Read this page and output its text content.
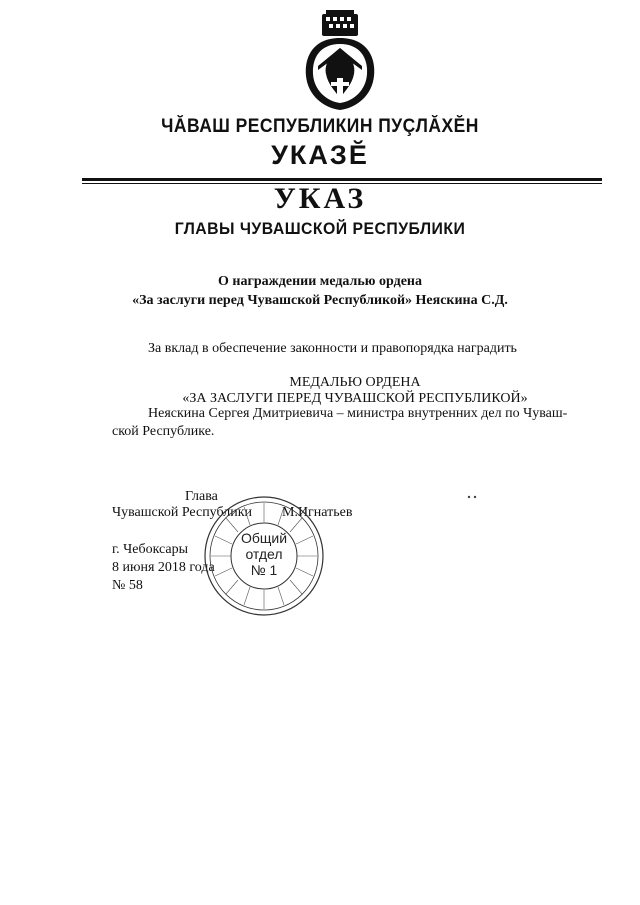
ЧĂВАШ РЕСПУБЛИКИН ПУÇЛĂХĔН
УКАЗĔ
УКАЗ
ГЛАВЫ ЧУВАШСКОЙ РЕСПУБЛИКИ
О награждении медалью ордена
«За заслуги перед Чувашской Республикой» Неяскина С.Д.
За вклад в обеспечение законности и правопорядка наградить
МЕДАЛЬЮ ОРДЕНА
«ЗА ЗАСЛУГИ ПЕРЕД ЧУВАШСКОЙ РЕСПУБЛИКОЙ»
Неяскина Сергея Дмитриевича – министра внутренних дел по Чуваш-
ской Республике.
Глава
Чувашской Республики М.Игнатьев
г. Чебоксары
8 июня 2018 года
№ 58
Общий
отдел
№ 1
